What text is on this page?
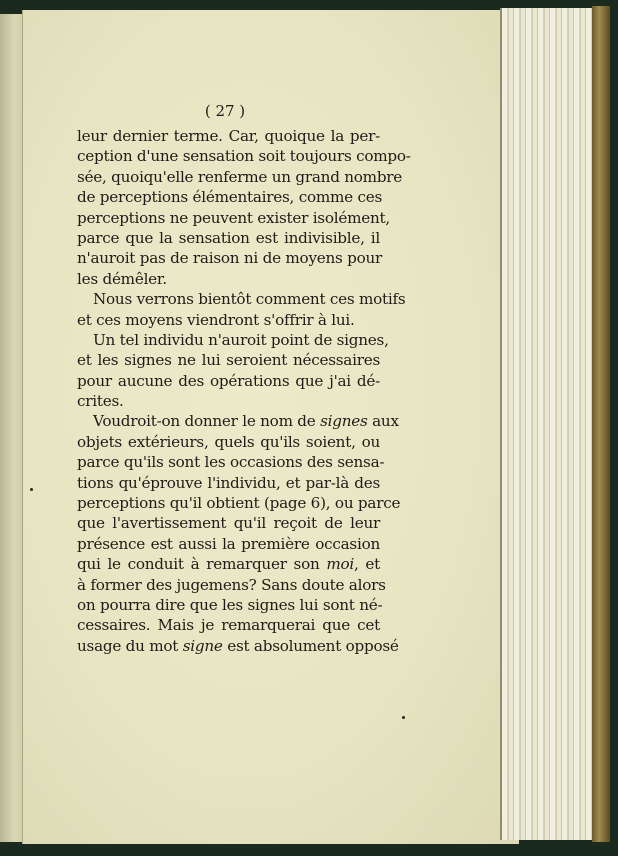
( 27 )
leur dernier terme. Car, quoique la per-
ception d'une sensation soit toujours compo-
sée, quoiqu'elle renferme un grand nombre
de perceptions élémentaires, comme ces
perceptions ne peuvent exister isolément,
parce que la sensation est indivisible, il
n'auroit pas de raison ni de moyens pour
les démêler.
Nous verrons bientôt comment ces motifs
et ces moyens viendront s'offrir à lui.
Un tel individu n'auroit point de signes,
et les signes ne lui seroient nécessaires
pour aucune des opérations que j'ai dé-
crites.
Voudroit-on donner le nom de signes aux
objets extérieurs, quels qu'ils soient, ou
parce qu'ils sont les occasions des sensa-
tions qu'éprouve l'individu, et par-là des
perceptions qu'il obtient (page 6), ou parce
que l'avertissement qu'il reçoit de leur
présence est aussi la première occasion
qui le conduit à remarquer son moi, et
à former des jugemens? Sans doute alors
on pourra dire que les signes lui sont né-
cessaires. Mais je remarquerai que cet
usage du mot signe est absolument opposé
